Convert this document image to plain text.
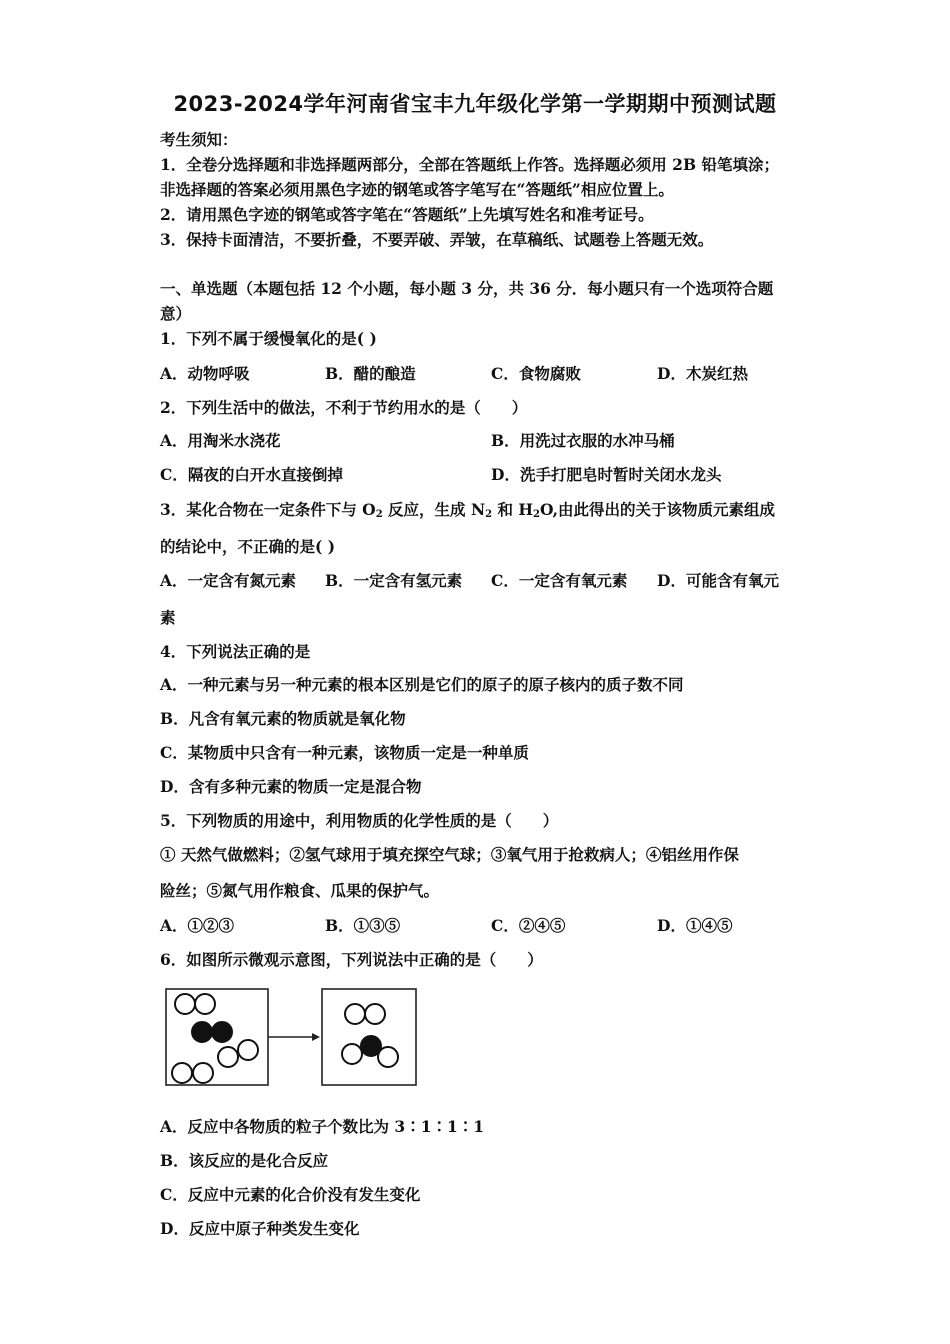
2023-2024学年河南省宝丰九年级化学第一学期期中预测试题
考生须知：
1．全卷分选择题和非选择题两部分，全部在答题纸上作答。选择题必须用 2B 铅笔填涂；
非选择题的答案必须用黑色字迹的钢笔或答字笔写在“答题纸”相应位置上。
2．请用黑色字迹的钢笔或答字笔在“答题纸”上先填写姓名和准考证号。
3．保持卡面清洁，不要折叠，不要弄破、弄皱，在草稿纸、试题卷上答题无效。
一、单选题（本题包括 12 个小题，每小题 3 分，共 36 分．每小题只有一个选项符合题
意）
1．下列不属于缓慢氧化的是( )
A．动物呼吸	B．醋的酿造	C．食物腐败	D．木炭红热
2．下列生活中的做法，不利于节约用水的是（　　）
A．用淘米水浇花	B．用洗过衣服的水冲马桶
C．隔夜的白开水直接倒掉	D．洗手打肥皂时暂时关闭水龙头
3．某化合物在一定条件下与 $O_2$ 反应，生成 $N_2$ 和 $H_2O$,由此得出的关于该物质元素组成
的结论中，不正确的是( )
A．一定含有氮元素 B．一定含有氢元素 C．一定含有氧元素 D．可能含有氧元
素
4．下列说法正确的是
A．一种元素与另一种元素的根本区别是它们的原子的原子核内的质子数不同
B．凡含有氧元素的物质就是氧化物
C．某物质中只含有一种元素，该物质一定是一种单质
D．含有多种元素的物质一定是混合物
5．下列物质的用途中，利用物质的化学性质的是（　　）
① 天然气做燃料；②氢气球用于填充探空气球；③氧气用于抢救病人；④铝丝用作保
险丝；⑤氮气用作粮食、瓜果的保护气。
A．①②③	B．①③⑤	C．②④⑤	D．①④⑤
6．如图所示微观示意图，下列说法中正确的是（　　）
A．反应中各物质的粒子个数比为 3∶1∶1∶1
B．该反应的是化合反应
C．反应中元素的化合价没有发生变化
D．反应中原子种类发生变化
